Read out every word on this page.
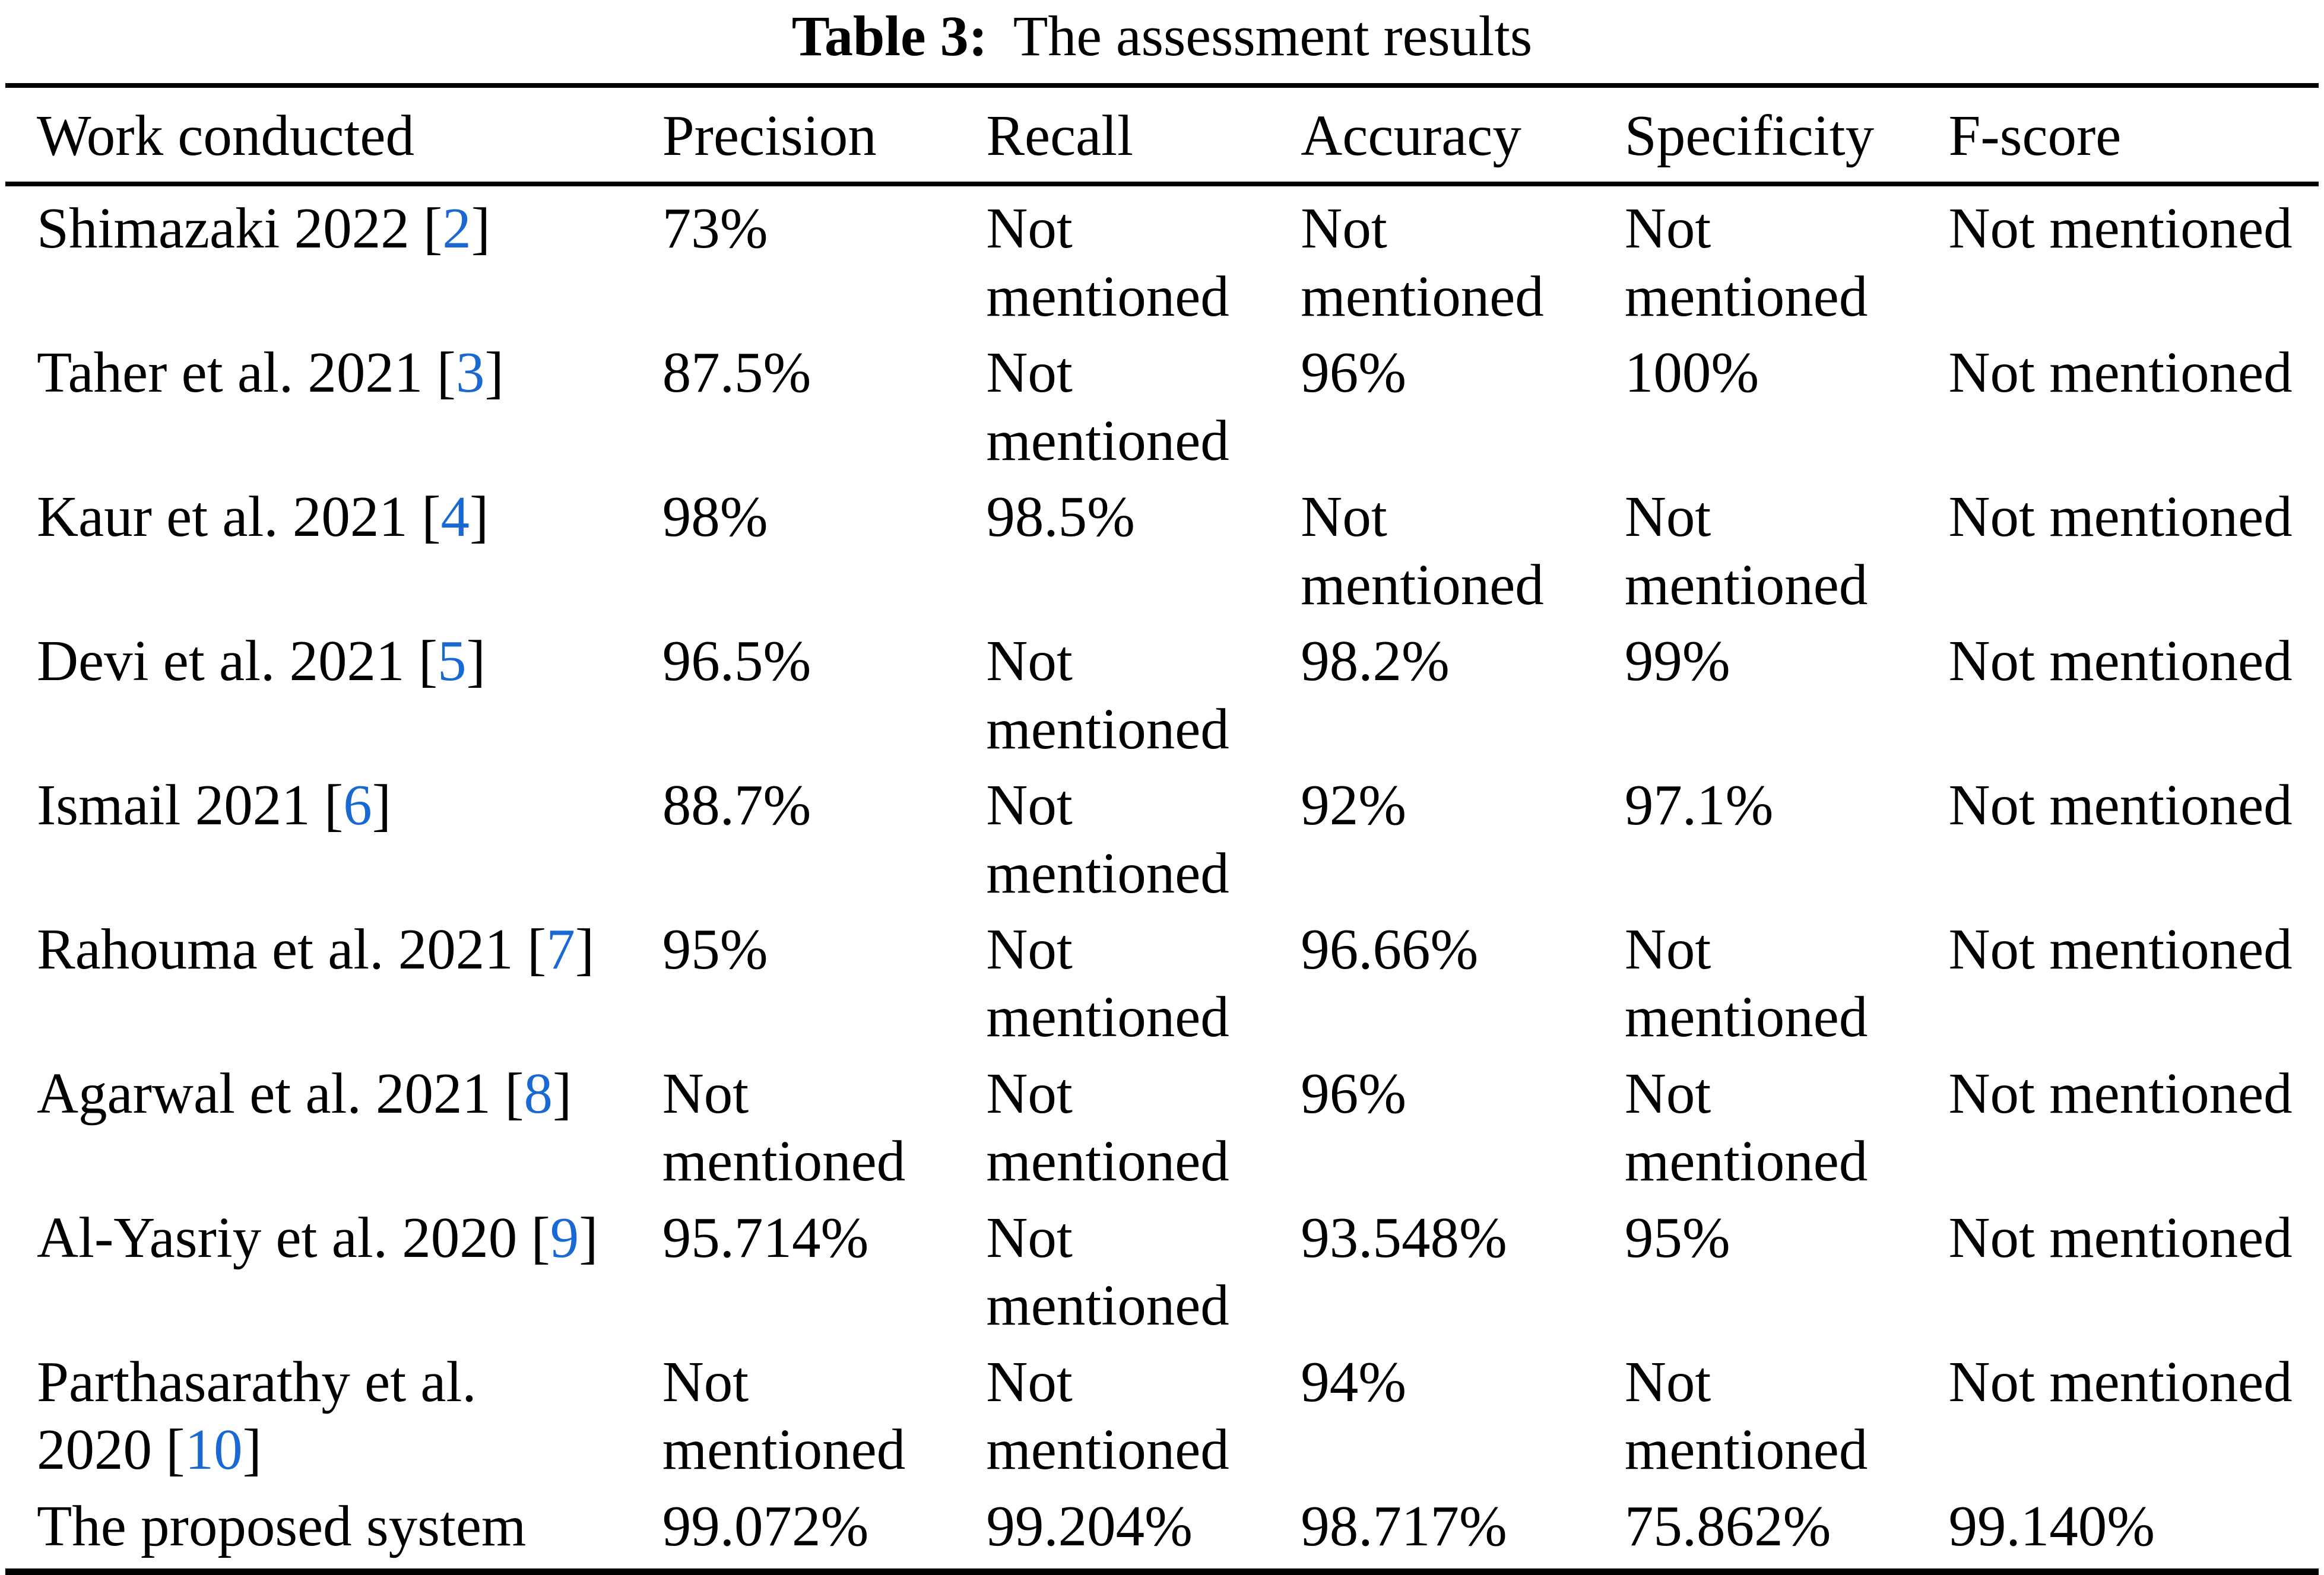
Table 3: The assessment results
Work conducted	Precision	Recall	Accuracy	Specificity	F-score
Shimazaki 2022 [2]	73%	Not mentioned	Not mentioned	Not mentioned	Not mentioned
Taher et al. 2021 [3]	87.5%	Not mentioned	96%	100%	Not mentioned
Kaur et al. 2021 [4]	98%	98.5%	Not mentioned	Not mentioned	Not mentioned
Devi et al. 2021 [5]	96.5%	Not mentioned	98.2%	99%	Not mentioned
Ismail 2021 [6]	88.7%	Not mentioned	92%	97.1%	Not mentioned
Rahouma et al. 2021 [7]	95%	Not mentioned	96.66%	Not mentioned	Not mentioned
Agarwal et al. 2021 [8]	Not mentioned	Not mentioned	96%	Not mentioned	Not mentioned
Al-Yasriy et al. 2020 [9]	95.714%	Not mentioned	93.548%	95%	Not mentioned
Parthasarathy et al. 2020 [10]	Not mentioned	Not mentioned	94%	Not mentioned	Not mentioned
The proposed system	99.072%	99.204%	98.717%	75.862%	99.140%
